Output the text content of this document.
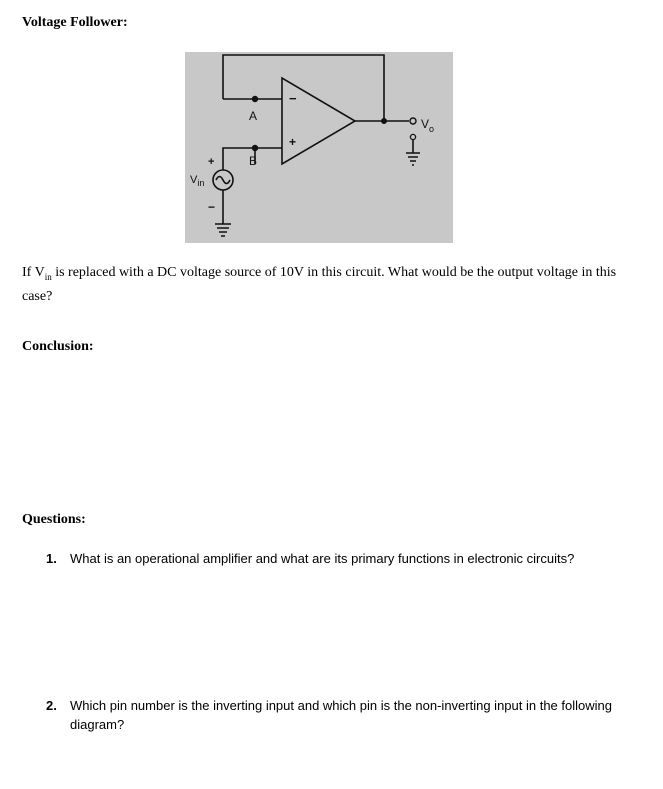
Voltage Follower:
A
B
−
+
$V_o$
$V_{in}$
+
−
If $V_{in}$ is replaced with a DC voltage source of 10V in this circuit. What would be the output voltage in this case?
Conclusion:
Questions:
1. What is an operational amplifier and what are its primary functions in electronic circuits?
2. Which pin number is the inverting input and which pin is the non-inverting input in the following diagram?
